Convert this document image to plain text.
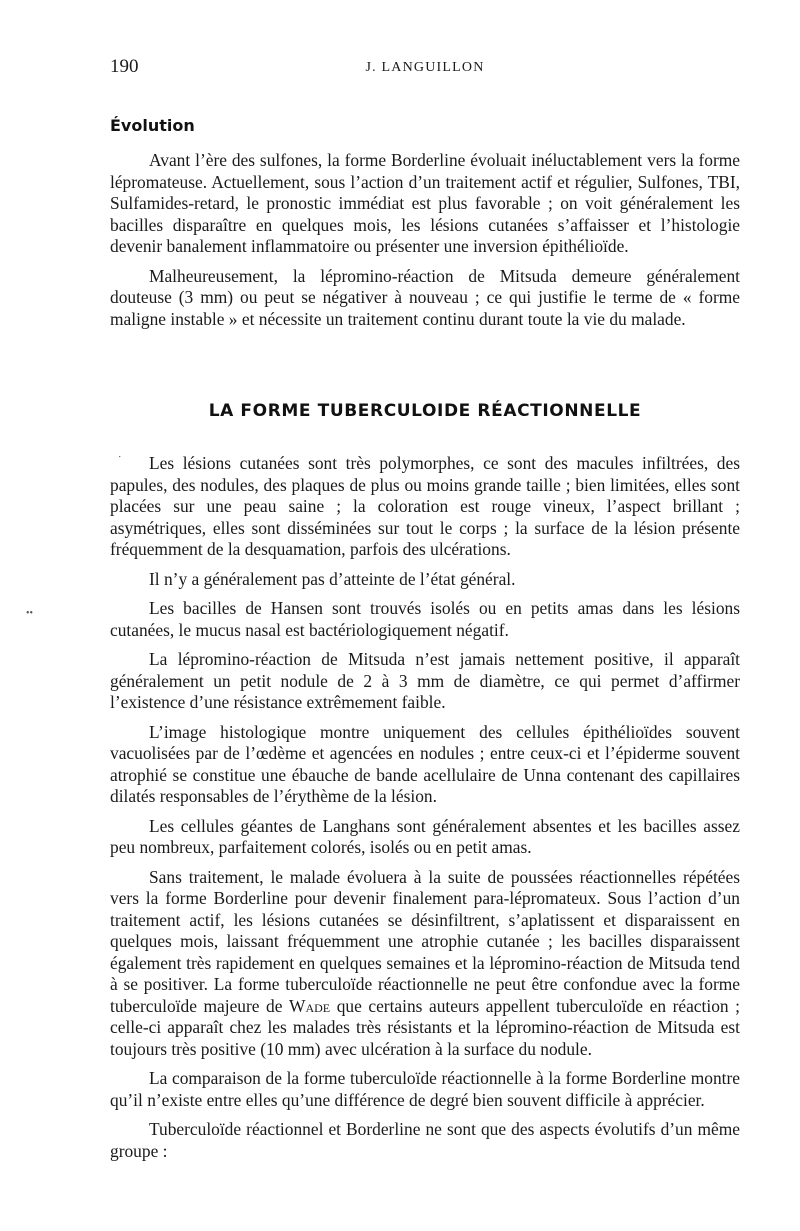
190	J. LANGUILLON
Évolution

Avant l’ère des sulfones, la forme Borderline évoluait inéluctablement vers la forme lépromateuse. Actuellement, sous l’action d’un traitement actif et régulier, Sulfones, TBI, Sulfamides-retard, le pronostic immédiat est plus favorable ; on voit généralement les bacilles disparaître en quelques mois, les lésions cutanées s’affaisser et l’histologie devenir banalement inflammatoire ou présenter une inversion épithélioïde.

Malheureusement, la lépromino-réaction de Mitsuda demeure généralement douteuse (3 mm) ou peut se négativer à nouveau ; ce qui justifie le terme de « forme maligne instable » et nécessite un traitement continu durant toute la vie du malade.

LA FORME TUBERCULOIDE RÉACTIONNELLE

Les lésions cutanées sont très polymorphes, ce sont des macules infiltrées, des papules, des nodules, des plaques de plus ou moins grande taille ; bien limitées, elles sont placées sur une peau saine ; la coloration est rouge vineux, l’aspect brillant ; asymétriques, elles sont disséminées sur tout le corps ; la surface de la lésion présente fréquemment de la desquamation, parfois des ulcérations.

Il n’y a généralement pas d’atteinte de l’état général.

Les bacilles de Hansen sont trouvés isolés ou en petits amas dans les lésions cutanées, le mucus nasal est bactériologiquement négatif.

La lépromino-réaction de Mitsuda n’est jamais nettement positive, il apparaît généralement un petit nodule de 2 à 3 mm de diamètre, ce qui permet d’affirmer l’existence d’une résistance extrêmement faible.

L’image histologique montre uniquement des cellules épithélioïdes souvent vacuolisées par de l’œdème et agencées en nodules ; entre ceux-ci et l’épiderme souvent atrophié se constitue une ébauche de bande acellulaire de Unna contenant des capillaires dilatés responsables de l’érythème de la lésion.

Les cellules géantes de Langhans sont généralement absentes et les bacilles assez peu nombreux, parfaitement colorés, isolés ou en petit amas.

Sans traitement, le malade évoluera à la suite de poussées réactionnelles répétées vers la forme Borderline pour devenir finalement para-lépromateux. Sous l’action d’un traitement actif, les lésions cutanées se désinfiltrent, s’aplatissent et disparaissent en quelques mois, laissant fréquemment une atrophie cutanée ; les bacilles disparaissent également très rapidement en quelques semaines et la lépromino-réaction de Mitsuda tend à se positiver. La forme tuberculoïde réactionnelle ne peut être confondue avec la forme tuberculoïde majeure de Wade que certains auteurs appellent tuberculoïde en réaction ; celle-ci apparaît chez les malades très résistants et la lépromino-réaction de Mitsuda est toujours très positive (10 mm) avec ulcération à la surface du nodule.

La comparaison de la forme tuberculoïde réactionnelle à la forme Borderline montre qu’il n’existe entre elles qu’une différence de degré bien souvent difficile à apprécier.

Tuberculoïde réactionnel et Borderline ne sont que des aspects évolutifs d’un même groupe :

••
⋅
